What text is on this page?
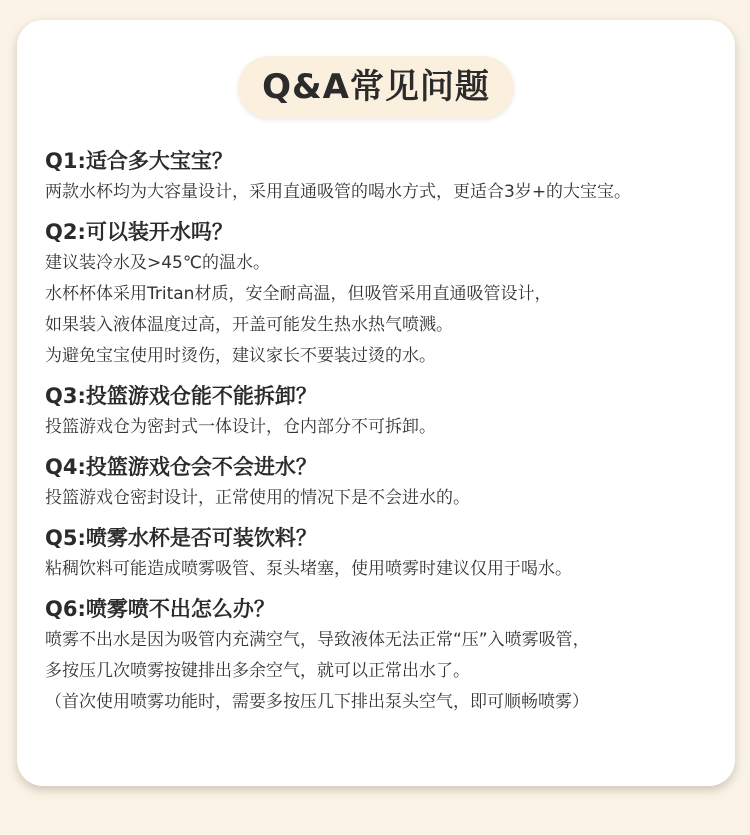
Q&A常见问题
Q1:适合多大宝宝？
两款水杯均为大容量设计，采用直通吸管的喝水方式，更适合3岁+的大宝宝。
Q2:可以装开水吗？
建议装冷水及>45℃的温水。
水杯杯体采用Tritan材质，安全耐高温，但吸管采用直通吸管设计，
如果装入液体温度过高，开盖可能发生热水热气喷溅。
为避免宝宝使用时烫伤，建议家长不要装过烫的水。
Q3:投篮游戏仓能不能拆卸？
投篮游戏仓为密封式一体设计，仓内部分不可拆卸。
Q4:投篮游戏仓会不会进水？
投篮游戏仓密封设计，正常使用的情况下是不会进水的。
Q5:喷雾水杯是否可装饮料？
粘稠饮料可能造成喷雾吸管、泵头堵塞，使用喷雾时建议仅用于喝水。
Q6:喷雾喷不出怎么办？
喷雾不出水是因为吸管内充满空气，导致液体无法正常“压”入喷雾吸管，
多按压几次喷雾按键排出多余空气，就可以正常出水了。
（首次使用喷雾功能时，需要多按压几下排出泵头空气，即可顺畅喷雾）
